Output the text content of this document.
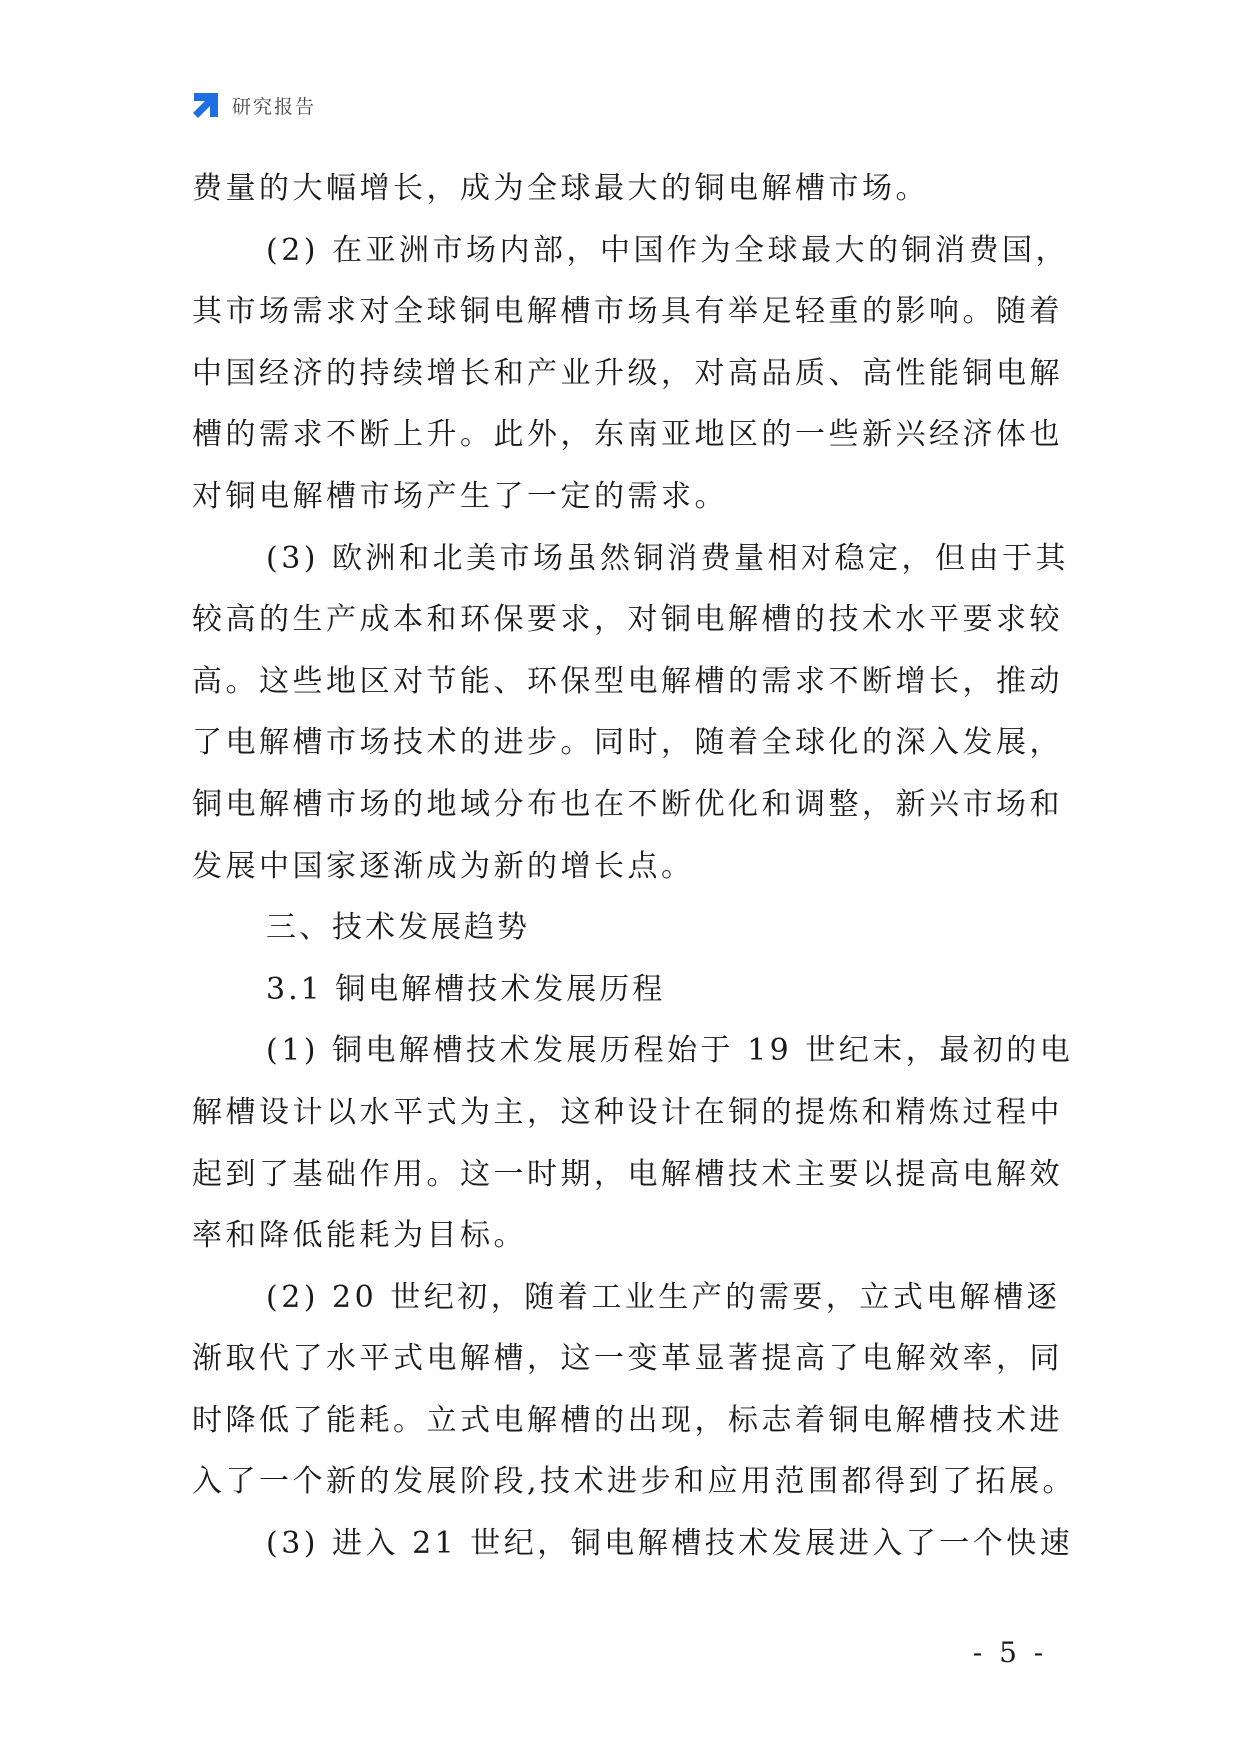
研究报告
费量的大幅增长，成为全球最大的铜电解槽市场。
(2) 在亚洲市场内部，中国作为全球最大的铜消费国，
其市场需求对全球铜电解槽市场具有举足轻重的影响。随着
中国经济的持续增长和产业升级，对高品质、高性能铜电解
槽的需求不断上升。此外，东南亚地区的一些新兴经济体也
对铜电解槽市场产生了一定的需求。
(3) 欧洲和北美市场虽然铜消费量相对稳定，但由于其
较高的生产成本和环保要求，对铜电解槽的技术水平要求较
高。这些地区对节能、环保型电解槽的需求不断增长，推动
了电解槽市场技术的进步。同时，随着全球化的深入发展，
铜电解槽市场的地域分布也在不断优化和调整，新兴市场和
发展中国家逐渐成为新的增长点。
三、技术发展趋势
3.1 铜电解槽技术发展历程
(1) 铜电解槽技术发展历程始于 19 世纪末，最初的电
解槽设计以水平式为主，这种设计在铜的提炼和精炼过程中
起到了基础作用。这一时期，电解槽技术主要以提高电解效
率和降低能耗为目标。
(2) 20 世纪初，随着工业生产的需要，立式电解槽逐
渐取代了水平式电解槽，这一变革显著提高了电解效率，同
时降低了能耗。立式电解槽的出现，标志着铜电解槽技术进
入了一个新的发展阶段,技术进步和应用范围都得到了拓展。
(3) 进入 21 世纪，铜电解槽技术发展进入了一个快速
- 5 -
